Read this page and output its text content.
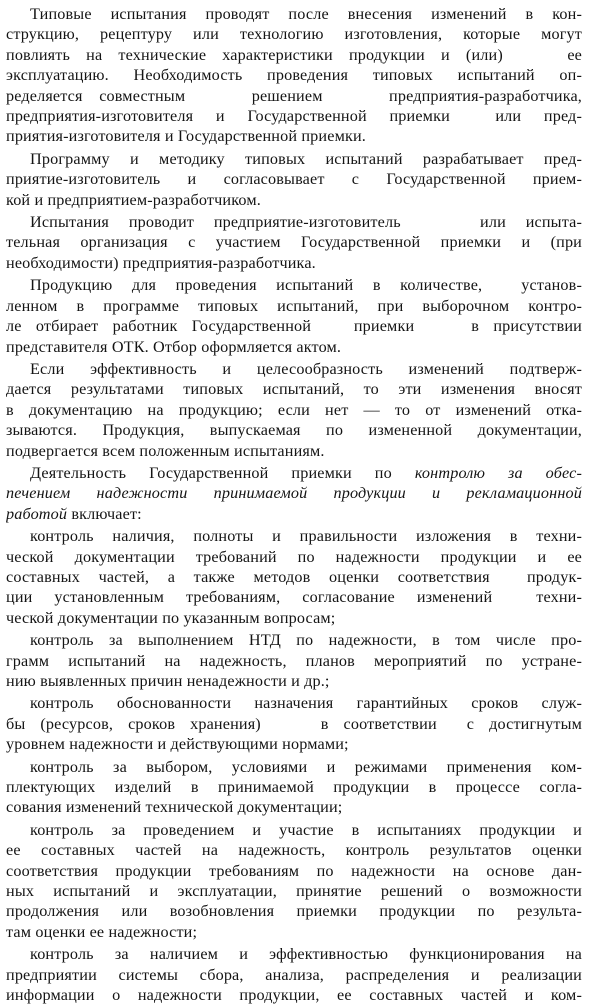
Типовые испытания проводят после внесения изменений в кон-
струкцию, рецептуру или технологию изготовления, которые могут
повлиять на технические характеристики продукции и (или)    ее
эксплуатацию. Необходимость проведения типовых испытаний оп-
ределяется совместным    решением    предприятия-разработчика,
предприятия-изготовителя и Государственной приемки  или пред-
приятия-изготовителя и Государственной приемки.
Программу и методику типовых испытаний разрабатывает пред-
приятие-изготовитель и согласовывает с Государственной прием-
кой и предприятием-разработчиком.
Испытания проводит предприятие-изготовитель    или испыта-
тельная организация с участием Государственной приемки и (при
необходимости) предприятия-разработчика.
Продукцию для проведения испытаний в количестве,  установ-
ленном в программе типовых испытаний, при выборочном контро-
ле отбирает работник Государственной   приемки    в присутствии
представителя ОТК. Отбор оформляется актом.
Если эффективность и целесообразность изменений подтверж-
дается результатами типовых испытаний, то эти изменения вносят
в документацию на продукцию; если нет — то от изменений отка-
зываются. Продукция, выпускаемая по измененной документации,
подвергается всем положенным испытаниям.
Деятельность Государственной приемки по контролю за обес-
печением надежности принимаемой продукции и рекламационной
работой включает:
контроль наличия, полноты и правильности изложения в техни-
ческой документации требований по надежности продукции и ее
составных частей, а также методов оценки соответствия  продук-
ции установленным требованиям, согласование изменений  техни-
ческой документации по указанным вопросам;
контроль за выполнением НТД по надежности, в том числе про-
грамм испытаний на надежность, планов мероприятий по устране-
нию выявленных причин ненадежности и др.;
контроль обоснованности назначения гарантийных сроков служ-
бы (ресурсов, сроков хранения)    в соответствии  с достигнутым
уровнем надежности и действующими нормами;
контроль за выбором, условиями и режимами применения ком-
плектующих изделий в принимаемой продукции в процессе согла-
сования изменений технической документации;
контроль за проведением и участие в испытаниях продукции и
ее составных частей на надежность, контроль результатов оценки
соответствия продукции требованиям по надежности на основе дан-
ных испытаний и эксплуатации, принятие решений о возможности
продолжения или возобновления приемки продукции по результа-
там оценки ее надежности;
контроль за наличием и эффективностью функционирования на
предприятии системы сбора, анализа, распределения и реализации
информации о надежности продукции, ее составных частей и ком-
